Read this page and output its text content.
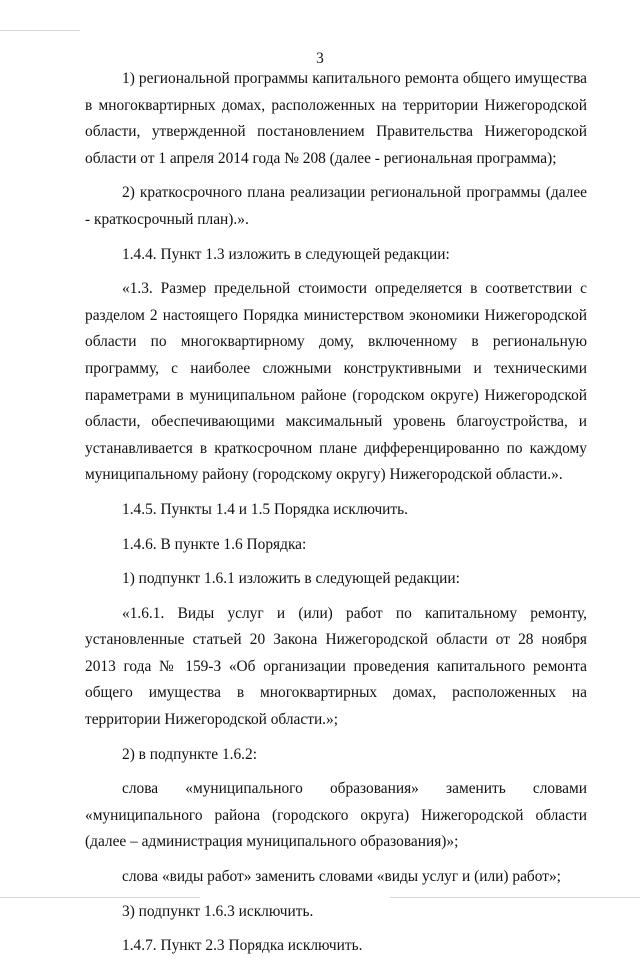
3

1) региональной программы капитального ремонта общего имущества в многоквартирных домах, расположенных на территории Нижегородской области, утвержденной постановлением Правительства Нижегородской области от 1 апреля 2014 года № 208 (далее - региональная программа);

2) краткосрочного плана реализации региональной программы (далее - краткосрочный план).».

1.4.4. Пункт 1.3 изложить в следующей редакции:

«1.3. Размер предельной стоимости определяется в соответствии с разделом 2 настоящего Порядка министерством экономики Нижегородской области по многоквартирному дому, включенному в региональную программу, с наиболее сложными конструктивными и техническими параметрами в муниципальном районе (городском округе) Нижегородской области, обеспечивающими максимальный уровень благоустройства, и устанавливается в краткосрочном плане дифференцированно по каждому муниципальному району (городскому округу) Нижегородской области.».

1.4.5. Пункты 1.4 и 1.5 Порядка исключить.

1.4.6. В пункте 1.6 Порядка:

1) подпункт 1.6.1 изложить в следующей редакции:

«1.6.1. Виды услуг и (или) работ по капитальному ремонту, установленные статьей 20 Закона Нижегородской области от 28 ноября 2013 года № 159-З «Об организации проведения капитального ремонта общего имущества в многоквартирных домах, расположенных на территории Нижегородской области.»;

2) в подпункте 1.6.2:

слова «муниципального образования» заменить словами «муниципального района (городского округа) Нижегородской области (далее – администрация муниципального образования)»;

слова «виды работ» заменить словами «виды услуг и (или) работ»;

3) подпункт 1.6.3 исключить.

1.4.7. Пункт 2.3 Порядка исключить.
